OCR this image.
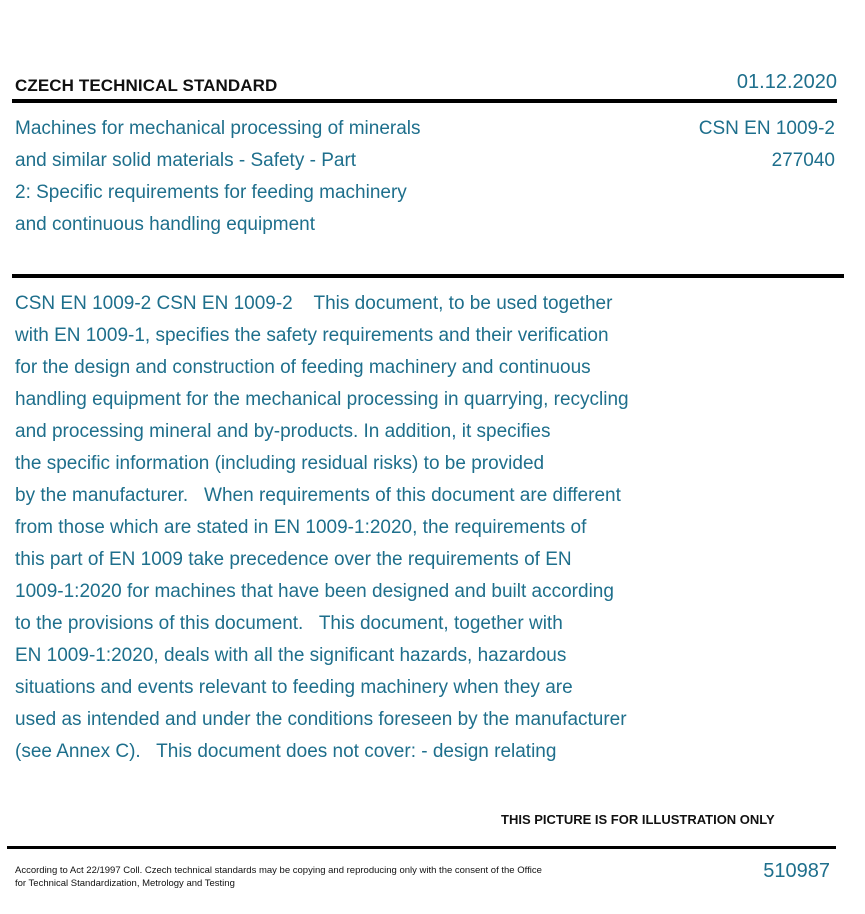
CZECH TECHNICAL STANDARD	01.12.2020
Machines for mechanical processing of minerals
and similar solid materials - Safety - Part
2: Specific requirements for feeding machinery
and continuous handling equipment
CSN EN 1009-2
277040
CSN EN 1009-2 CSN EN 1009-2    This document, to be used together
with EN 1009-1, specifies the safety requirements and their verification
for the design and construction of feeding machinery and continuous
handling equipment for the mechanical processing in quarrying, recycling
and processing mineral and by-products. In addition, it specifies
the specific information (including residual risks) to be provided
by the manufacturer.   When requirements of this document are different
from those which are stated in EN 1009-1:2020, the requirements of
this part of EN 1009 take precedence over the requirements of EN
1009-1:2020 for machines that have been designed and built according
to the provisions of this document.   This document, together with
EN 1009-1:2020, deals with all the significant hazards, hazardous
situations and events relevant to feeding machinery when they are
used as intended and under the conditions foreseen by the manufacturer
(see Annex C).   This document does not cover: - design relating
THIS PICTURE IS FOR ILLUSTRATION ONLY
According to Act 22/1997 Coll. Czech technical standards may be copying and reproducing only with the consent of the Office
for Technical Standardization, Metrology and Testing
510987
